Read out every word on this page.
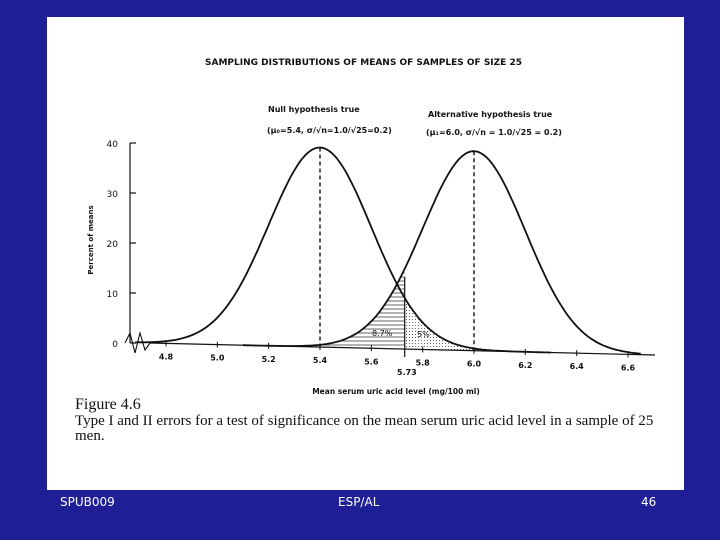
SAMPLING DISTRIBUTIONS OF MEANS OF SAMPLES OF SIZE 25
Null hypothesis true
(μ₀=5.4, σ/√n=1.0/√25=0.2)
Alternative hypothesis true
(μ₁=6.0, σ/√n = 1.0/√25 = 0.2)
Percent of means
Mean serum uric acid level (mg/100 ml)
0
10
20
30
40
4.8	5.0	5.2	5.4	5.6	5.8	6.0	6.2	6.4	6.6
8.7%	5%
5.73
Figure 4.6
Type I and II errors for a test of significance on the mean serum uric acid level in a sample of 25 men.
SPUB009	ESP/AL	46
